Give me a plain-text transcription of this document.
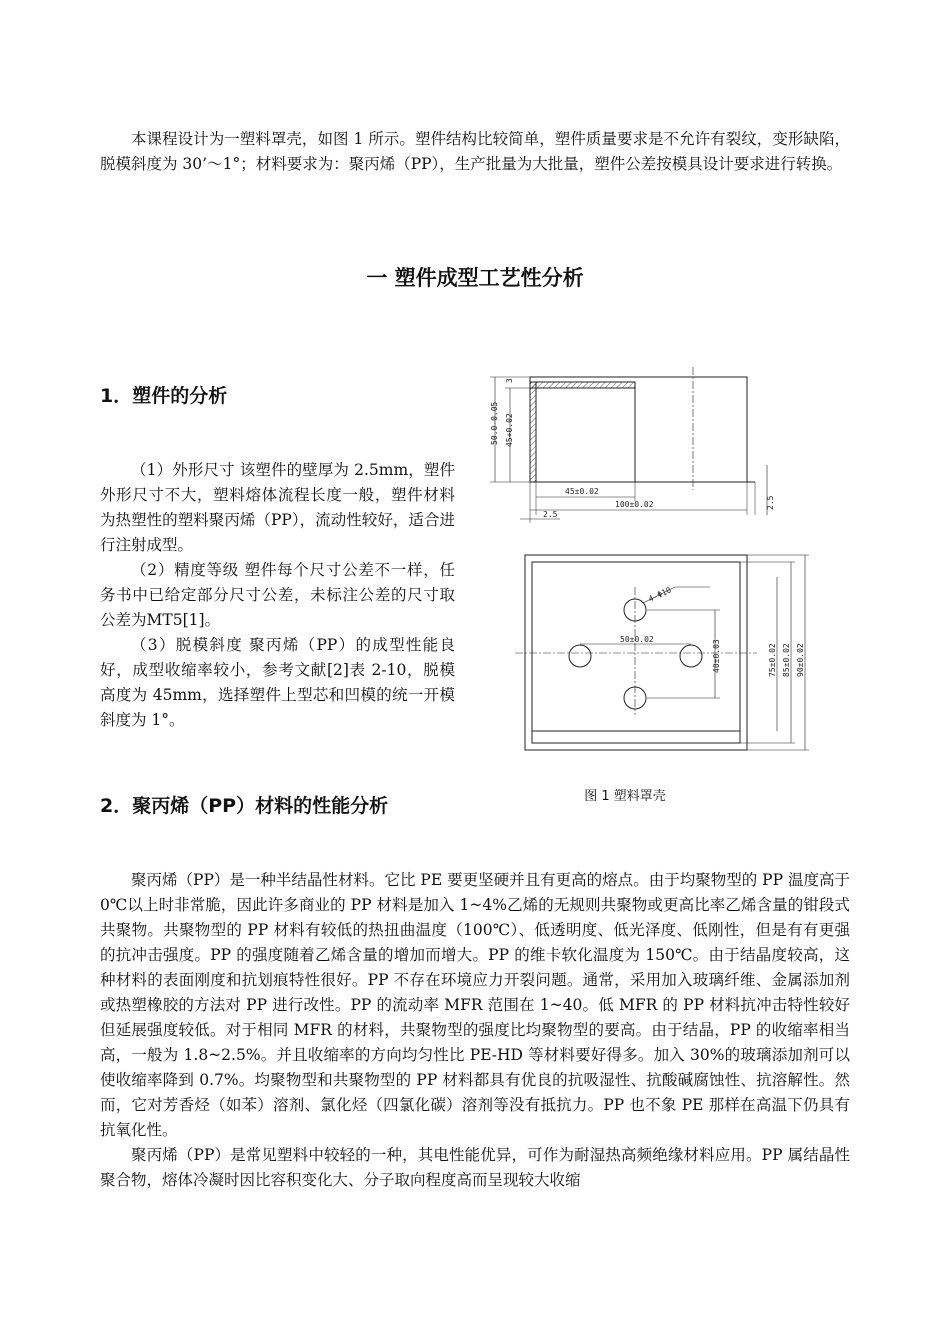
本课程设计为一塑料罩壳，如图 1 所示。塑件结构比较简单，塑件质量要求是不允许有裂纹，变形缺陷，脱模斜度为 30’～1°；材料要求为：聚丙烯（PP），生产批量为大批量，塑件公差按模具设计要求进行转换。

一 塑件成型工艺性分析
1．塑件的分析

（1）外形尺寸 该塑件的壁厚为 2.5mm，塑件外形尺寸不大，塑料熔体流程长度一般，塑件材料为热塑性的塑料聚丙烯（PP），流动性较好，适合进行注射成型。

（2）精度等级 塑件每个尺寸公差不一样，任务书中已给定部分尺寸公差，未标注公差的尺寸取公差为MT5[1]。

（3）脱模斜度 聚丙烯（PP）的成型性能良好，成型收缩率较小，参考文献[2]表 2-10，脱模高度为 45mm，选择塑件上型芯和凹模的统一开模斜度为 1°。

50.0-0.05 45+0.02
3
45±0.02
100±0.02
2.5
2.5
4-Φ10
50±0.02	40±0.03	75±0.02 85±0.02 90±0.02
图 1 塑料罩壳
2．聚丙烯（PP）材料的性能分析

聚丙烯（PP）是一种半结晶性材料。它比 PE 要更坚硬并且有更高的熔点。由于均聚物型的 PP 温度高于 0℃以上时非常脆，因此许多商业的 PP 材料是加入 1~4%乙烯的无规则共聚物或更高比率乙烯含量的钳段式共聚物。共聚物型的 PP 材料有较低的热扭曲温度（100℃）、低透明度、低光泽度、低刚性，但是有有更强的抗冲击强度。PP 的强度随着乙烯含量的增加而增大。PP 的维卡软化温度为 150℃。由于结晶度较高，这种材料的表面刚度和抗划痕特性很好。PP 不存在环境应力开裂问题。通常，采用加入玻璃纤维、金属添加剂或热塑橡胶的方法对 PP 进行改性。PP 的流动率 MFR 范围在 1~40。低 MFR 的 PP 材料抗冲击特性较好但延展强度较低。对于相同 MFR 的材料，共聚物型的强度比均聚物型的要高。由于结晶，PP 的收缩率相当高，一般为 1.8~2.5%。并且收缩率的方向均匀性比 PE-HD 等材料要好得多。加入 30%的玻璃添加剂可以使收缩率降到 0.7%。均聚物型和共聚物型的 PP 材料都具有优良的抗吸湿性、抗酸碱腐蚀性、抗溶解性。然而，它对芳香烃（如苯）溶剂、氯化烃（四氯化碳）溶剂等没有抵抗力。PP 也不象 PE 那样在高温下仍具有抗氧化性。

聚丙烯（PP）是常见塑料中较轻的一种，其电性能优异，可作为耐湿热高频绝缘材料应用。PP 属结晶性聚合物，熔体冷凝时因比容积变化大、分子取向程度高而呈现较大收缩
